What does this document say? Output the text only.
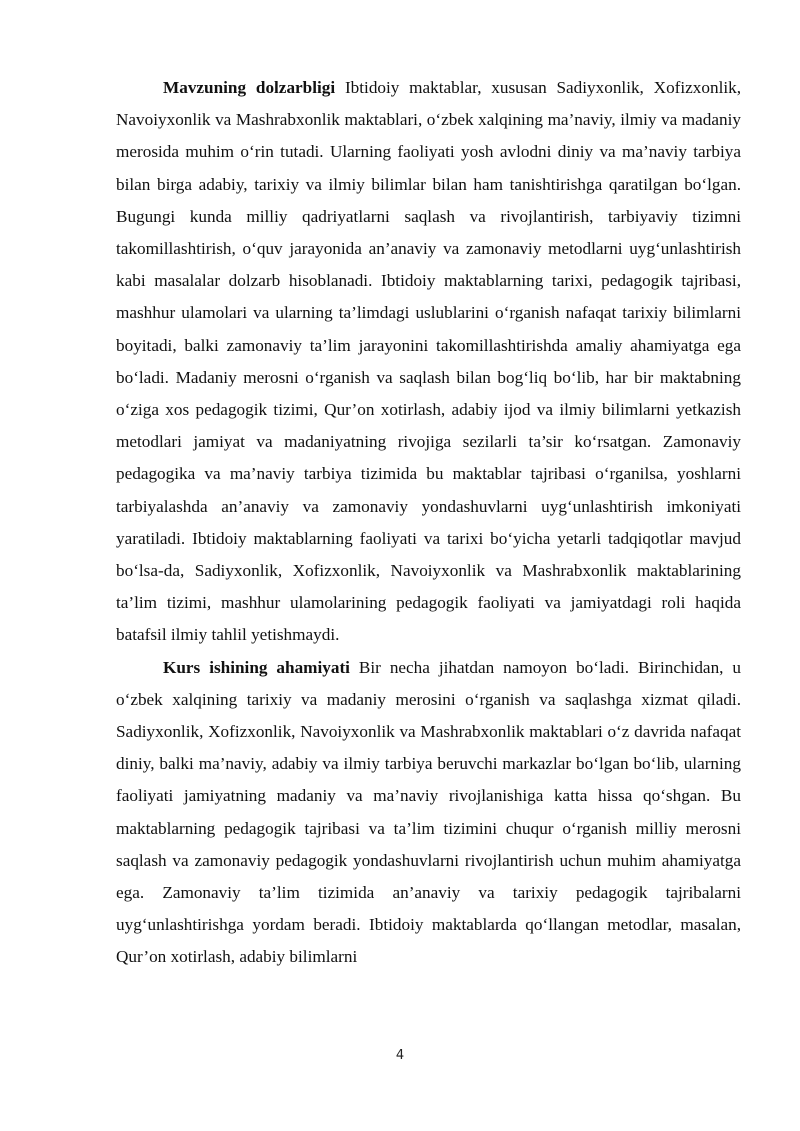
Mavzuning dolzarbligi Ibtidoiy maktablar, xususan Sadiyxonlik, Xofizxonlik, Navoiyxonlik va Mashrabxonlik maktablari, o‘zbek xalqining ma’naviy, ilmiy va madaniy merosida muhim o‘rin tutadi. Ularning faoliyati yosh avlodni diniy va ma’naviy tarbiya bilan birga adabiy, tarixiy va ilmiy bilimlar bilan ham tanishtirishga qaratilgan bo‘lgan. Bugungi kunda milliy qadriyatlarni saqlash va rivojlantirish, tarbiyaviy tizimni takomillashtirish, o‘quv jarayonida an’anaviy va zamonaviy metodlarni uyg‘unlashtirish kabi masalalar dolzarb hisoblanadi. Ibtidoiy maktablarning tarixi, pedagogik tajribasi, mashhur ulamolari va ularning ta’limdagi uslublarini o‘rganish nafaqat tarixiy bilimlarni boyitadi, balki zamonaviy ta’lim jarayonini takomillashtirishda amaliy ahamiyatga ega bo‘ladi. Madaniy merosni o‘rganish va saqlash bilan bog‘liq bo‘lib, har bir maktabning o‘ziga xos pedagogik tizimi, Qur’on xotirlash, adabiy ijod va ilmiy bilimlarni yetkazish metodlari jamiyat va madaniyatning rivojiga sezilarli ta’sir ko‘rsatgan. Zamonaviy pedagogika va ma’naviy tarbiya tizimida bu maktablar tajribasi o‘rganilsa, yoshlarni tarbiyalashda an’anaviy va zamonaviy yondashuvlarni uyg‘unlashtirish imkoniyati yaratiladi. Ibtidoiy maktablarning faoliyati va tarixi bo‘yicha yetarli tadqiqotlar mavjud bo‘lsa-da, Sadiyxonlik, Xofizxonlik, Navoiyxonlik va Mashrabxonlik maktablarining ta’lim tizimi, mashhur ulamolarining pedagogik faoliyati va jamiyatdagi roli haqida batafsil ilmiy tahlil yetishmaydi.

Kurs ishining ahamiyati Bir necha jihatdan namoyon bo‘ladi. Birinchidan, u o‘zbek xalqining tarixiy va madaniy merosini o‘rganish va saqlashga xizmat qiladi. Sadiyxonlik, Xofizxonlik, Navoiyxonlik va Mashrabxonlik maktablari o‘z davrida nafaqat diniy, balki ma’naviy, adabiy va ilmiy tarbiya beruvchi markazlar bo‘lgan bo‘lib, ularning faoliyati jamiyatning madaniy va ma’naviy rivojlanishiga katta hissa qo‘shgan. Bu maktablarning pedagogik tajribasi va ta’lim tizimini chuqur o‘rganish milliy merosni saqlash va zamonaviy pedagogik yondashuvlarni rivojlantirish uchun muhim ahamiyatga ega. Zamonaviy ta’lim tizimida an’anaviy va tarixiy pedagogik tajribalarni uyg‘unlashtirishga yordam beradi. Ibtidoiy maktablarda qo‘llangan metodlar, masalan, Qur’on xotirlash, adabiy bilimlarni

4
